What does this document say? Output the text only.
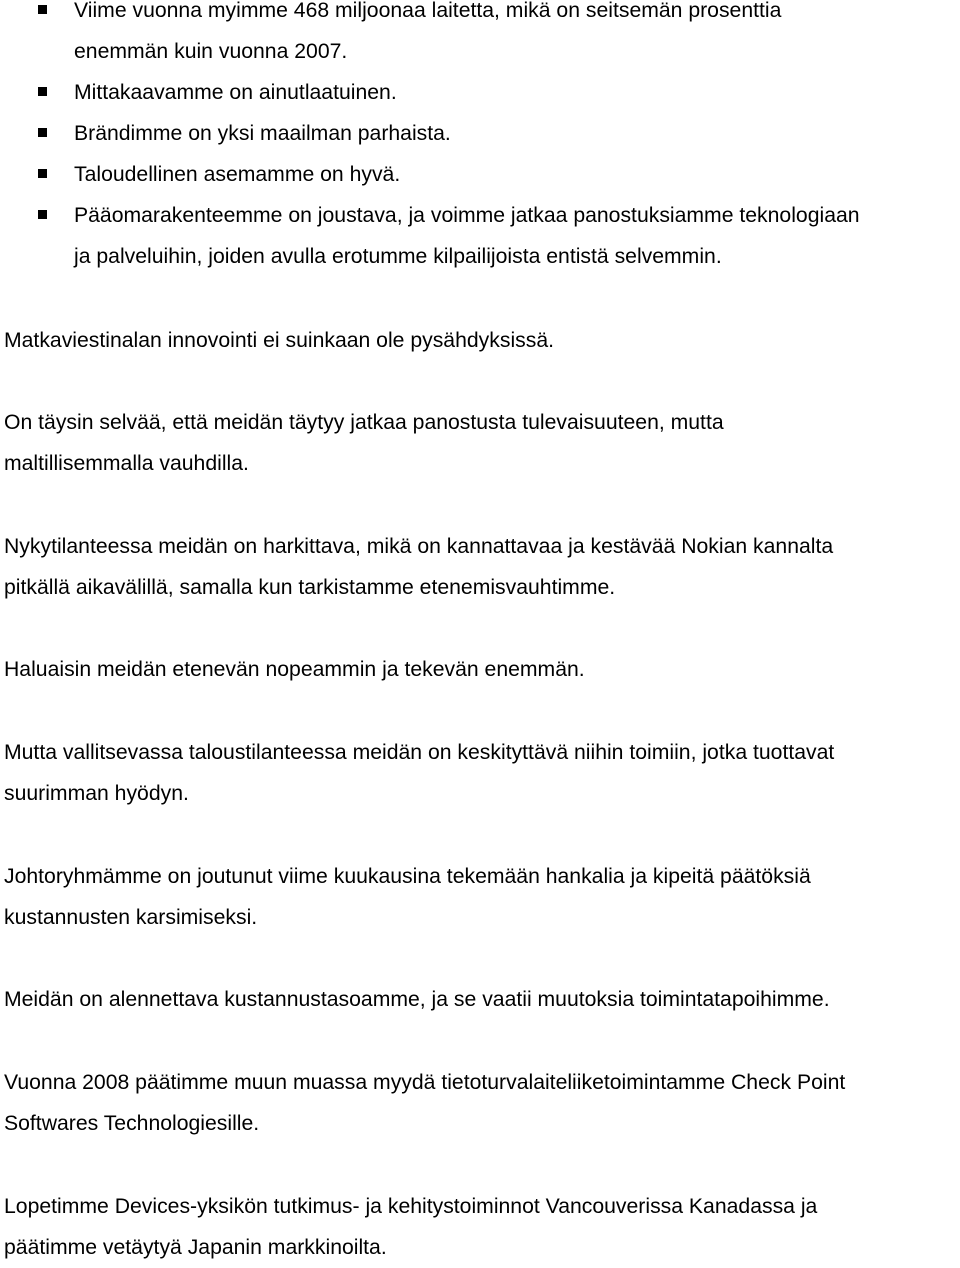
Viime vuonna myimme 468 miljoonaa laitetta, mikä on seitsemän prosenttia
enemmän kuin vuonna 2007.
Mittakaavamme on ainutlaatuinen.
Brändimme on yksi maailman parhaista.
Taloudellinen asemamme on hyvä.
Pääomarakenteemme on joustava, ja voimme jatkaa panostuksiamme teknologiaan
ja palveluihin, joiden avulla erotumme kilpailijoista entistä selvemmin.

Matkaviestinalan innovointi ei suinkaan ole pysähdyksissä.

On täysin selvää, että meidän täytyy jatkaa panostusta tulevaisuuteen, mutta
maltillisemmalla vauhdilla.

Nykytilanteessa meidän on harkittava, mikä on kannattavaa ja kestävää Nokian kannalta
pitkällä aikavälillä, samalla kun tarkistamme etenemisvauhtimme.

Haluaisin meidän etenevän nopeammin ja tekevän enemmän.

Mutta vallitsevassa taloustilanteessa meidän on keskityttävä niihin toimiin, jotka tuottavat
suurimman hyödyn.

Johtoryhmämme on joutunut viime kuukausina tekemään hankalia ja kipeitä päätöksiä
kustannusten karsimiseksi.

Meidän on alennettava kustannustasoamme, ja se vaatii muutoksia toimintatapoihimme.

Vuonna 2008 päätimme muun muassa myydä tietoturvalaiteliiketoimintamme Check Point
Softwares Technologiesille.

Lopetimme Devices-yksikön tutkimus- ja kehitystoiminnot Vancouverissa Kanadassa ja
päätimme vetäytyä Japanin markkinoilta.
